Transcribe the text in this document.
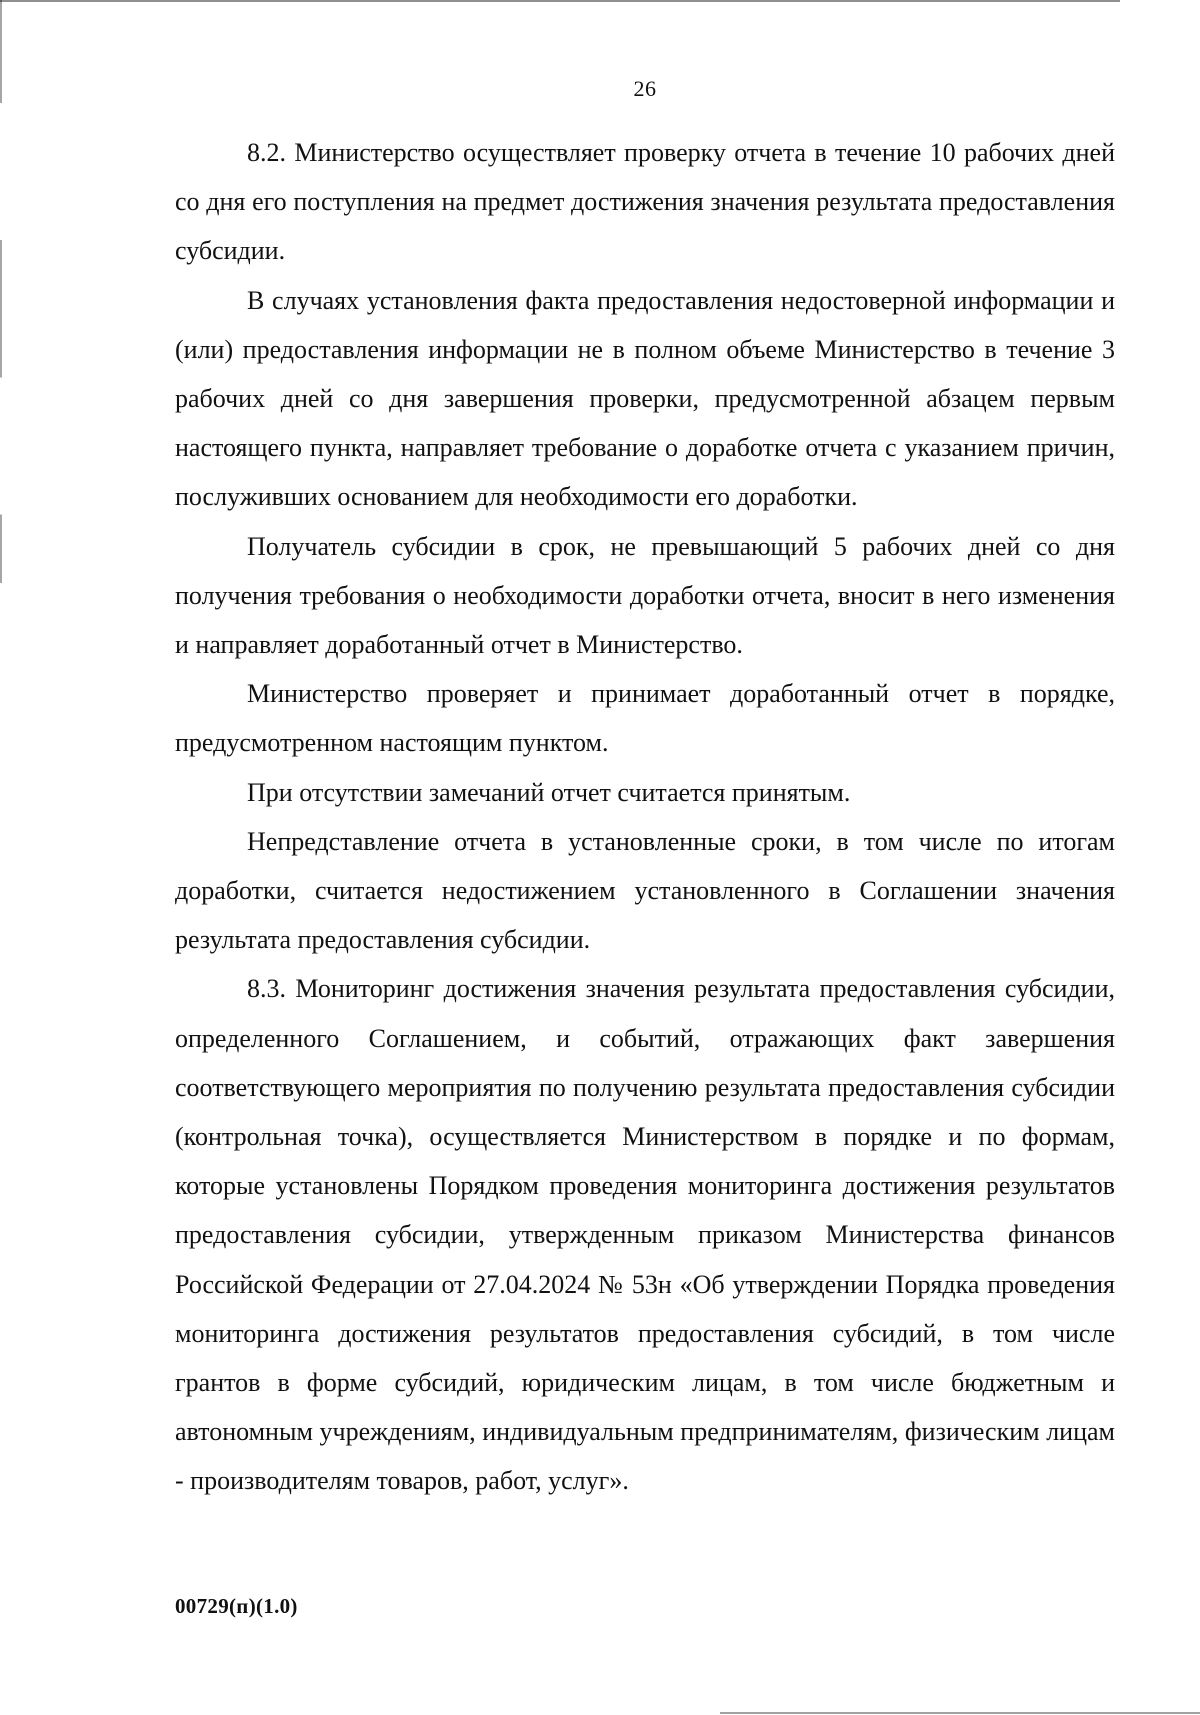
26

8.2. Министерство осуществляет проверку отчета в течение 10 рабочих дней со дня его поступления на предмет достижения значения результата предоставления субсидии.

В случаях установления факта предоставления недостоверной информации и (или) предоставления информации не в полном объеме Министерство в течение 3 рабочих дней со дня завершения проверки, предусмотренной абзацем первым настоящего пункта, направляет требование о доработке отчета с указанием причин, послуживших основанием для необходимости его доработки.

Получатель субсидии в срок, не превышающий 5 рабочих дней со дня получения требования о необходимости доработки отчета, вносит в него изменения и направляет доработанный отчет в Министерство.

Министерство проверяет и принимает доработанный отчет в порядке, предусмотренном настоящим пунктом.

При отсутствии замечаний отчет считается принятым.

Непредставление отчета в установленные сроки, в том числе по итогам доработки, считается недостижением установленного в Соглашении значения результата предоставления субсидии.

8.3. Мониторинг достижения значения результата предоставления субсидии, определенного Соглашением, и событий, отражающих факт завершения соответствующего мероприятия по получению результата предоставления субсидии (контрольная точка), осуществляется Министерством в порядке и по формам, которые установлены Порядком проведения мониторинга достижения результатов предоставления субсидии, утвержденным приказом Министерства финансов Российской Федерации от 27.04.2024 № 53н «Об утверждении Порядка проведения мониторинга достижения результатов предоставления субсидий, в том числе грантов в форме субсидий, юридическим лицам, в том числе бюджетным и автономным учреждениям, индивидуальным предпринимателям, физическим лицам - производителям товаров, работ, услуг».

00729(п)(1.0)
